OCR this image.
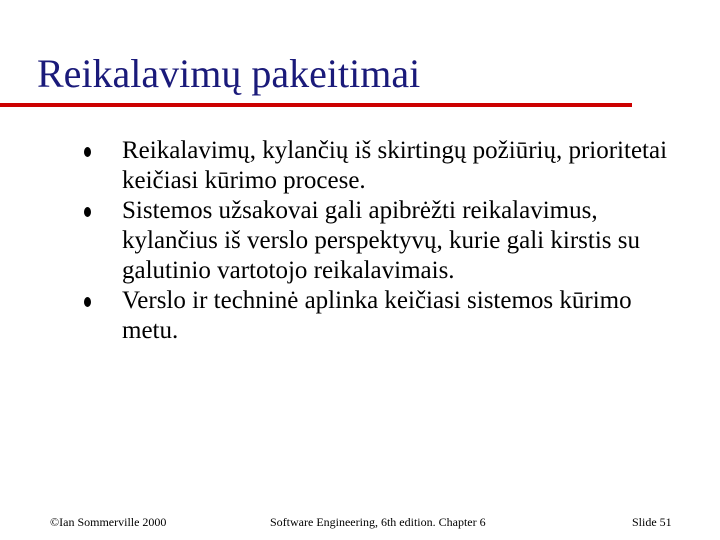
Reikalavimų pakeitimai
Reikalavimų, kylančių iš skirtingų požiūrių, prioritetai keičiasi kūrimo procese.
Sistemos užsakovai gali apibrėžti reikalavimus, kylančius iš verslo perspektyvų, kurie gali kirstis su galutinio vartotojo reikalavimais.
Verslo ir techninė aplinka keičiasi sistemos kūrimo metu.
©Ian Sommerville 2000	Software Engineering, 6th edition. Chapter 6	Slide 51
